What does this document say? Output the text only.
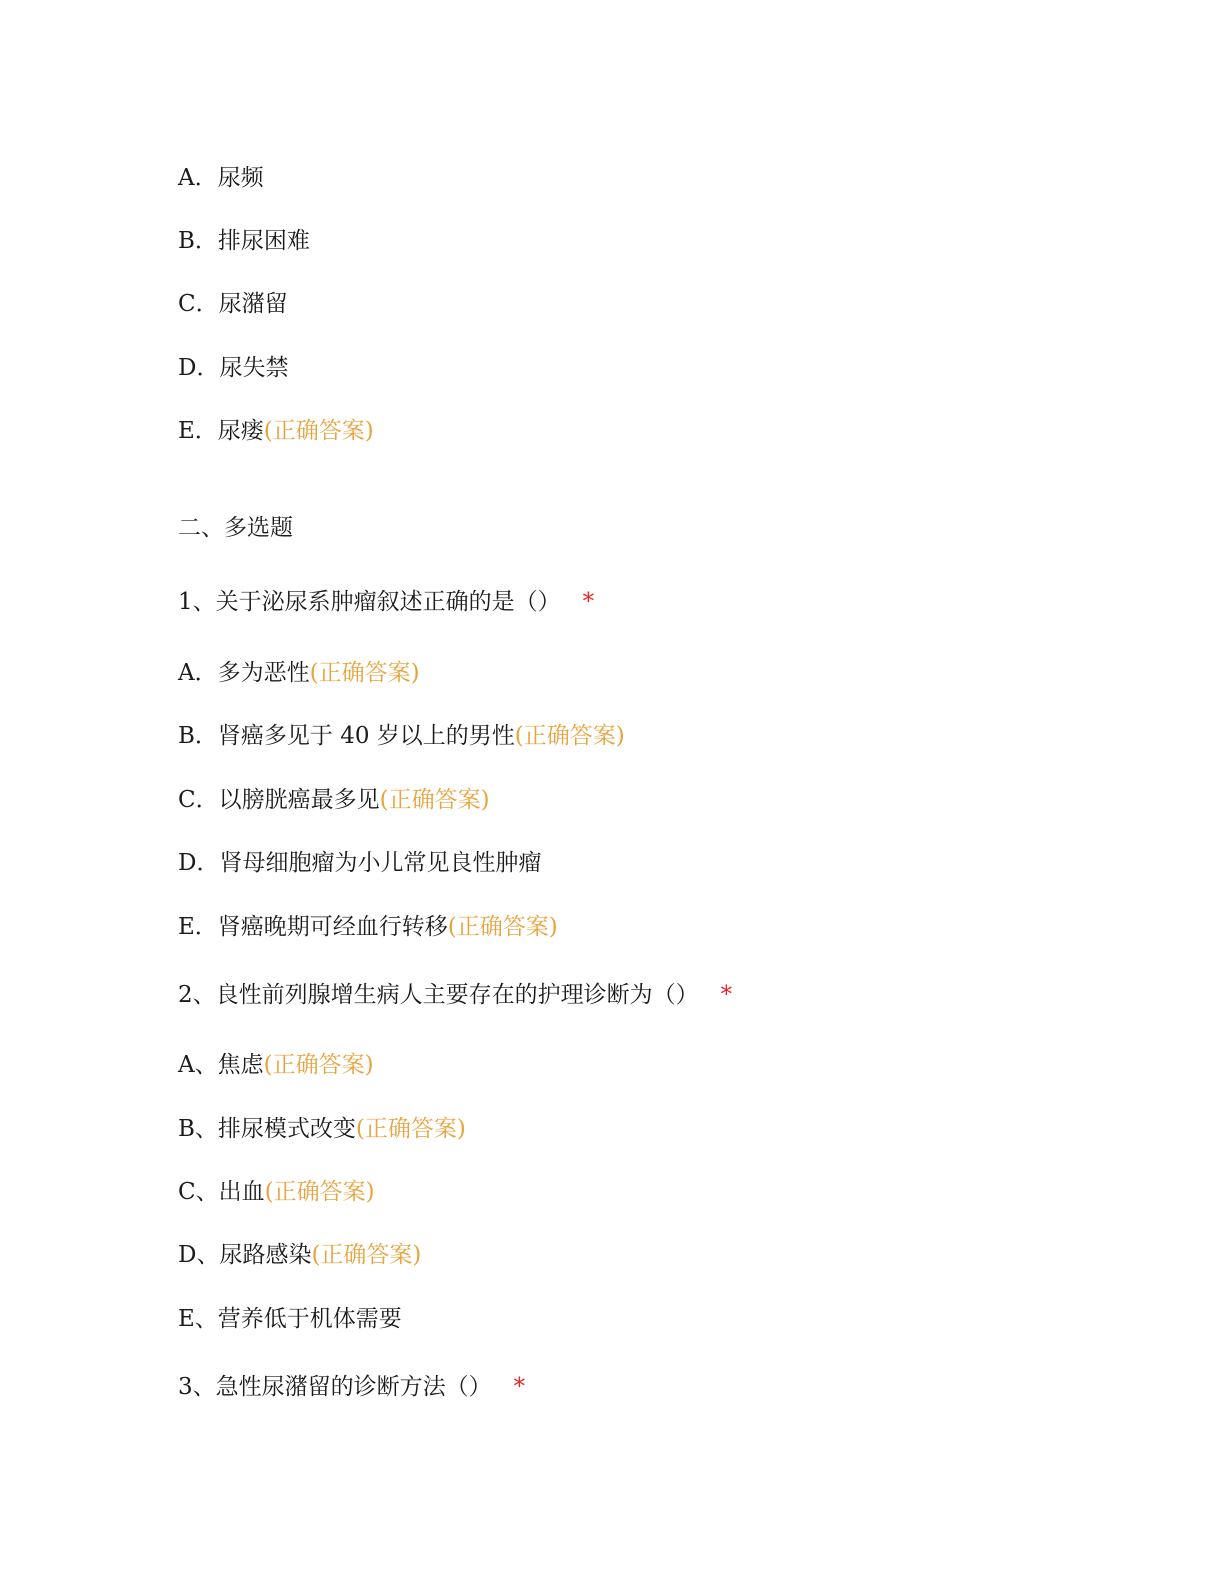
A．尿频
B．排尿困难
C．尿潴留
D．尿失禁
E．尿瘘(正确答案)
二、多选题
1、关于泌尿系肿瘤叙述正确的是（） *
A．多为恶性(正确答案)
B．肾癌多见于 40 岁以上的男性(正确答案)
C．以膀胱癌最多见(正确答案)
D．肾母细胞瘤为小儿常见良性肿瘤
E．肾癌晚期可经血行转移(正确答案)
2、良性前列腺增生病人主要存在的护理诊断为（） *
A、焦虑(正确答案)
B、排尿模式改变(正确答案)
C、出血(正确答案)
D、尿路感染(正确答案)
E、营养低于机体需要
3、急性尿潴留的诊断方法（） *
